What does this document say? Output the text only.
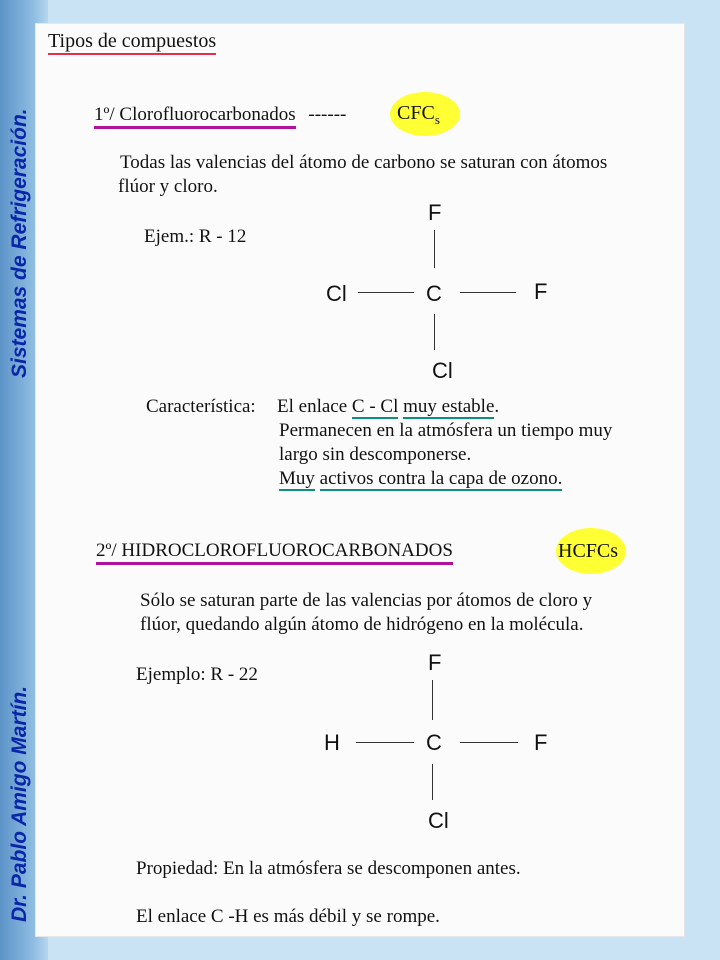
Sistemas de Refrigeración.
Dr. Pablo Amigo Martín.
Tipos de compuestos
1º/ Clorofluorocarbonados ------	$CFC_s$
Todas las valencias del átomo de carbono se saturan con átomos
flúor y cloro.
Ejem.: R - 12
F
Cl	C	F
Cl
Característica: El enlace C - Cl muy estable.
Permanecen en la atmósfera un tiempo muy
largo sin descomponerse.
Muy activos contra la capa de ozono.
2º/ HIDROCLOROFLUOROCARBONADOS	HCFCs
Sólo se saturan parte de las valencias por átomos de cloro y
flúor, quedando algún átomo de hidrógeno en la molécula.
Ejemplo: R - 22	F
H	C	F
Cl
Propiedad: En la atmósfera se descomponen antes.
El enlace C -H es más débil y se rompe.
